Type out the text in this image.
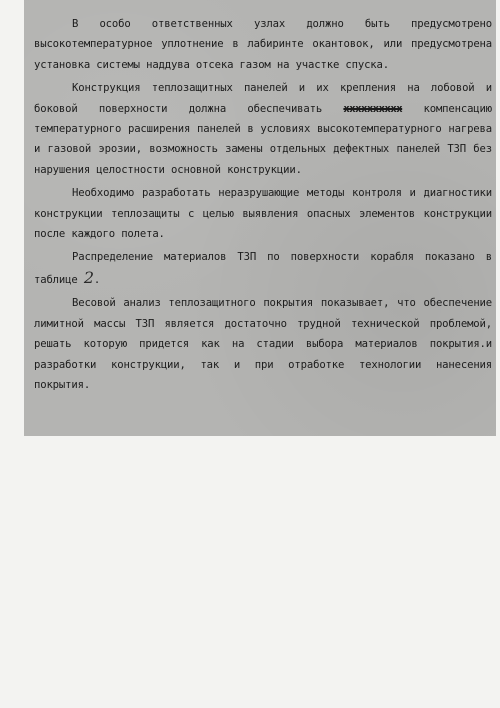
В особо ответственных узлах должно быть предусмотрено высокотемпературное уплотнение в лабиринте окантовок, или предусмотрена установка системы наддува отсека газом на участке спуска.

Конструкция теплозащитных панелей и их крепления на лобовой и боковой поверхности должна обеспечивать хххххххххх компенсацию температурного расширения панелей в условиях высокотемпературного нагрева и газовой эрозии, возможность замены отдельных дефектных панелей ТЗП без нарушения целостности основной конструкции.

Необходимо разработать неразрушающие методы контроля и диагностики конструкции теплозащиты с целью выявления опасных элементов конструкции после каждого полета.

Распределение материалов ТЗП по поверхности корабля показано в таблице 2.

Весовой анализ теплозащитного покрытия показывает, что обеспечение лимитной массы ТЗП является достаточно трудной технической проблемой, решать которую придется как на стадии выбора материалов покрытия.и разработки конструкции, так и при отработке технологии нанесения покрытия.
